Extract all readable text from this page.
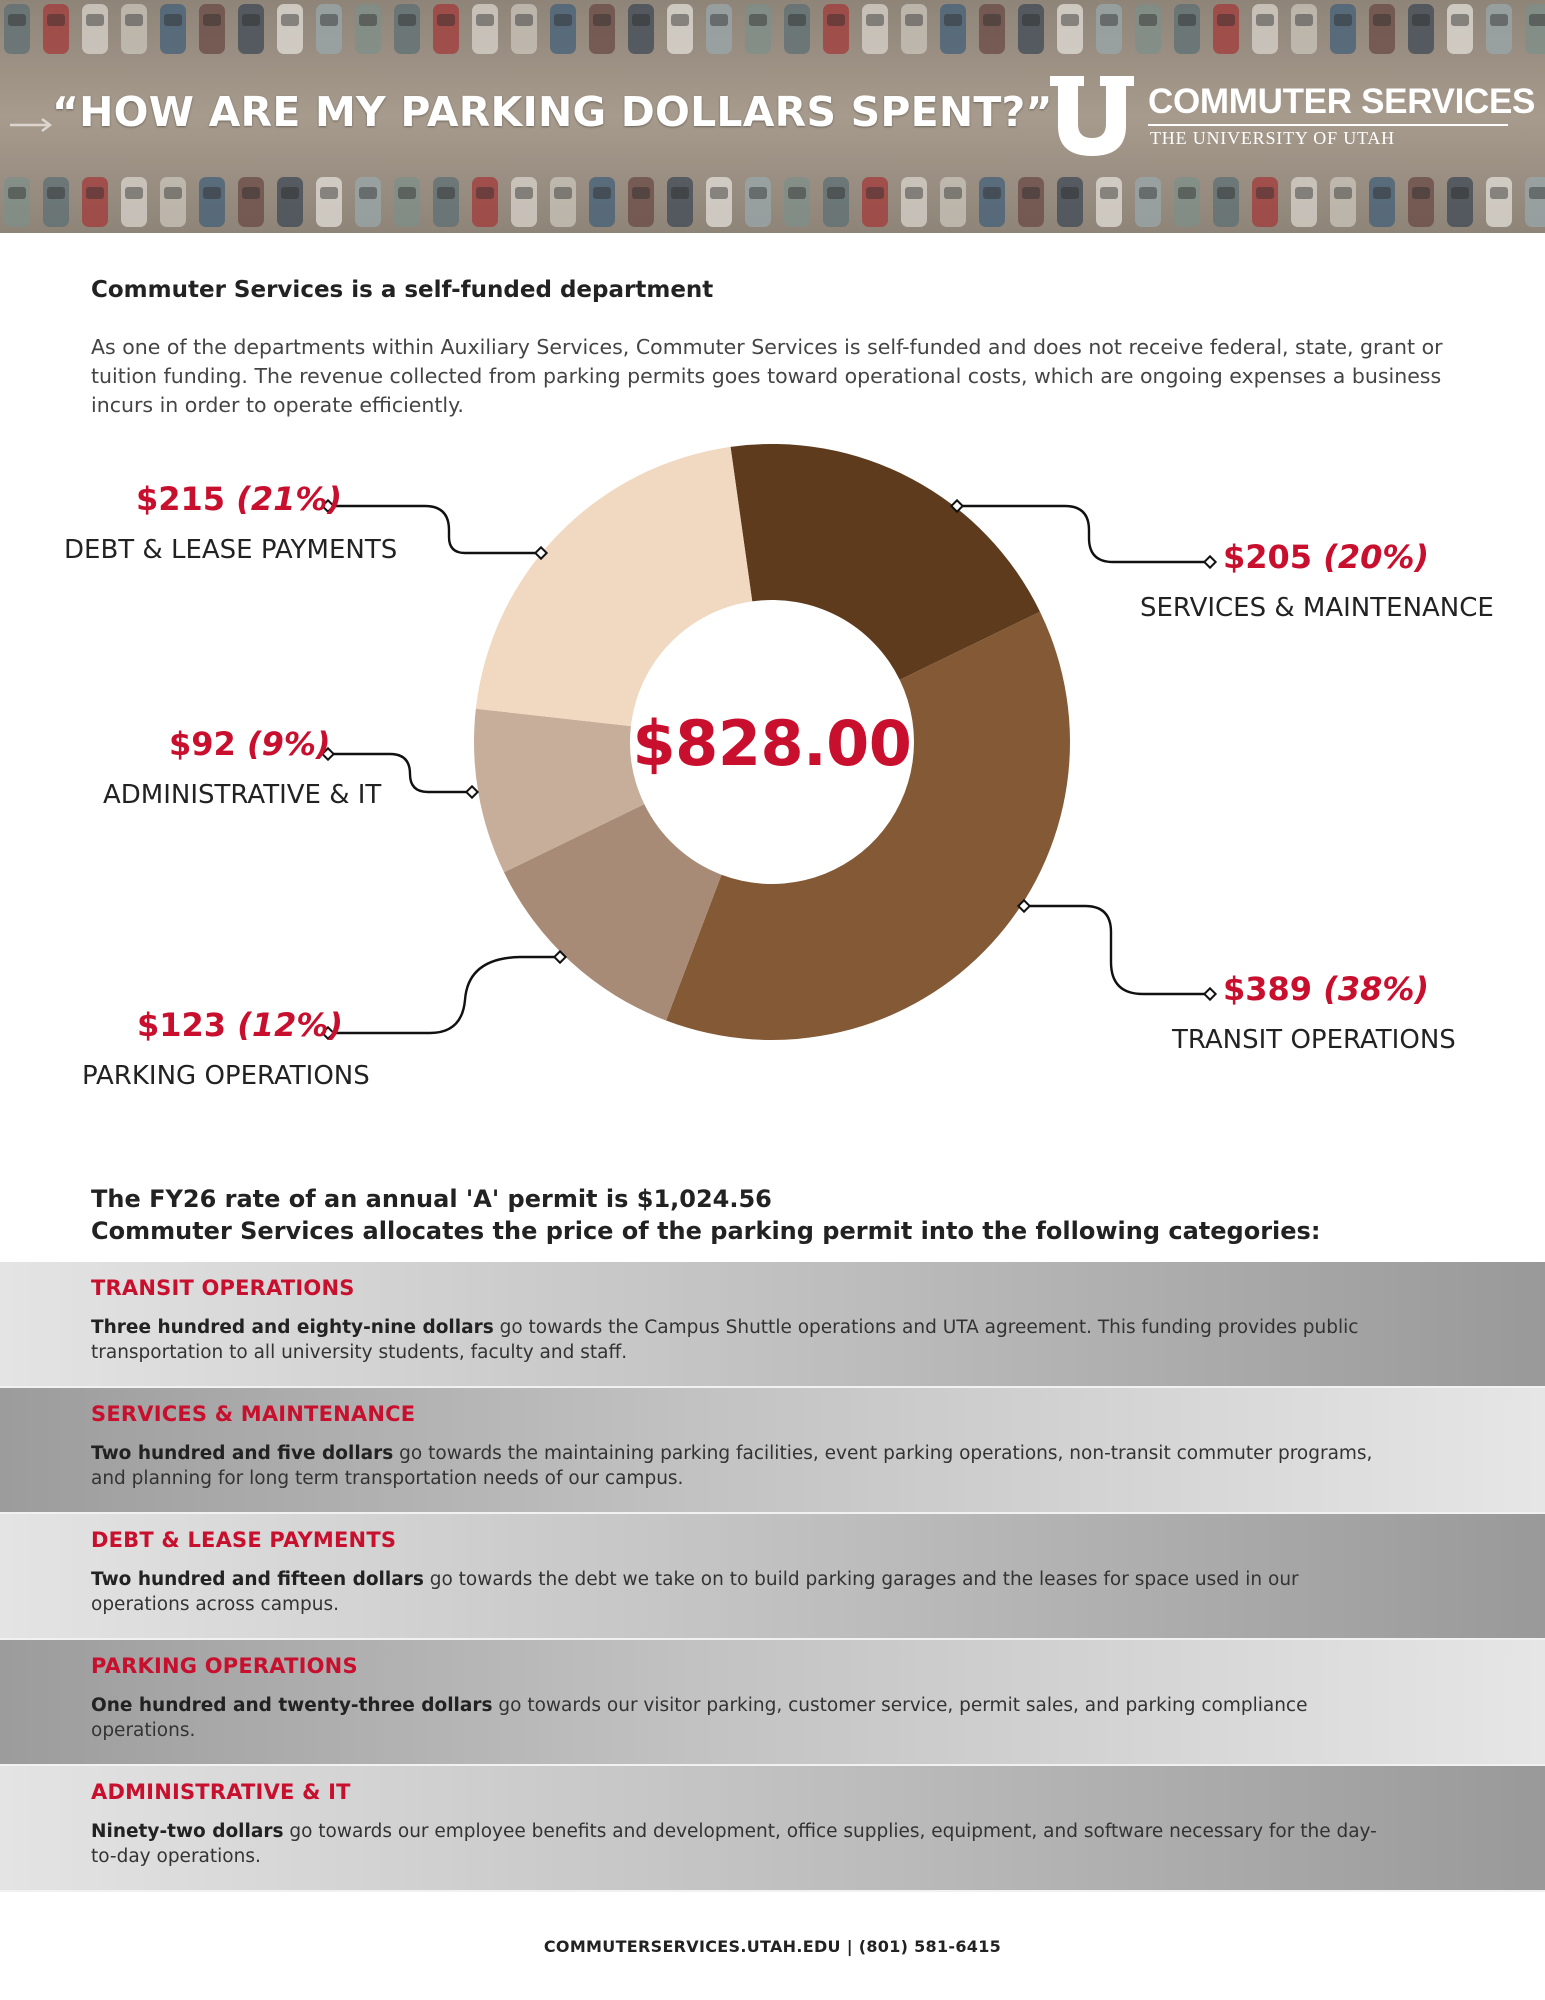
“HOW ARE MY PARKING DOLLARS SPENT?”	COMMUTER SERVICES
THE UNIVERSITY OF UTAH
Commuter Services is a self-funded department
As one of the departments within Auxiliary Services, Commuter Services is self-funded and does not receive federal, state, grant or tuition funding. The revenue collected from parking permits goes toward operational costs, which are ongoing expenses a business incurs in order to operate efficiently.
$828.00
$215 (21%)
DEBT & LEASE PAYMENTS	$205 (20%)
SERVICES & MAINTENANCE
$92 (9%)
ADMINISTRATIVE & IT
$389 (38%)
TRANSIT OPERATIONS
$123 (12%)
PARKING OPERATIONS
The FY26 rate of an annual 'A' permit is $1,024.56
Commuter Services allocates the price of the parking permit into the following categories:
TRANSIT OPERATIONS
Three hundred and eighty-nine dollars go towards the Campus Shuttle operations and UTA agreement. This funding provides public transportation to all university students, faculty and staff.
SERVICES & MAINTENANCE
Two hundred and five dollars go towards the maintaining parking facilities, event parking operations, non-transit commuter programs, and planning for long term transportation needs of our campus.
DEBT & LEASE PAYMENTS
Two hundred and fifteen dollars go towards the debt we take on to build parking garages and the leases for space used in our operations across campus.
PARKING OPERATIONS
One hundred and twenty-three dollars go towards our visitor parking, customer service, permit sales, and parking compliance operations.
ADMINISTRATIVE & IT
Ninety-two dollars go towards our employee benefits and development, office supplies, equipment, and software necessary for the day-to-day operations.
COMMUTERSERVICES.UTAH.EDU | (801) 581-6415
